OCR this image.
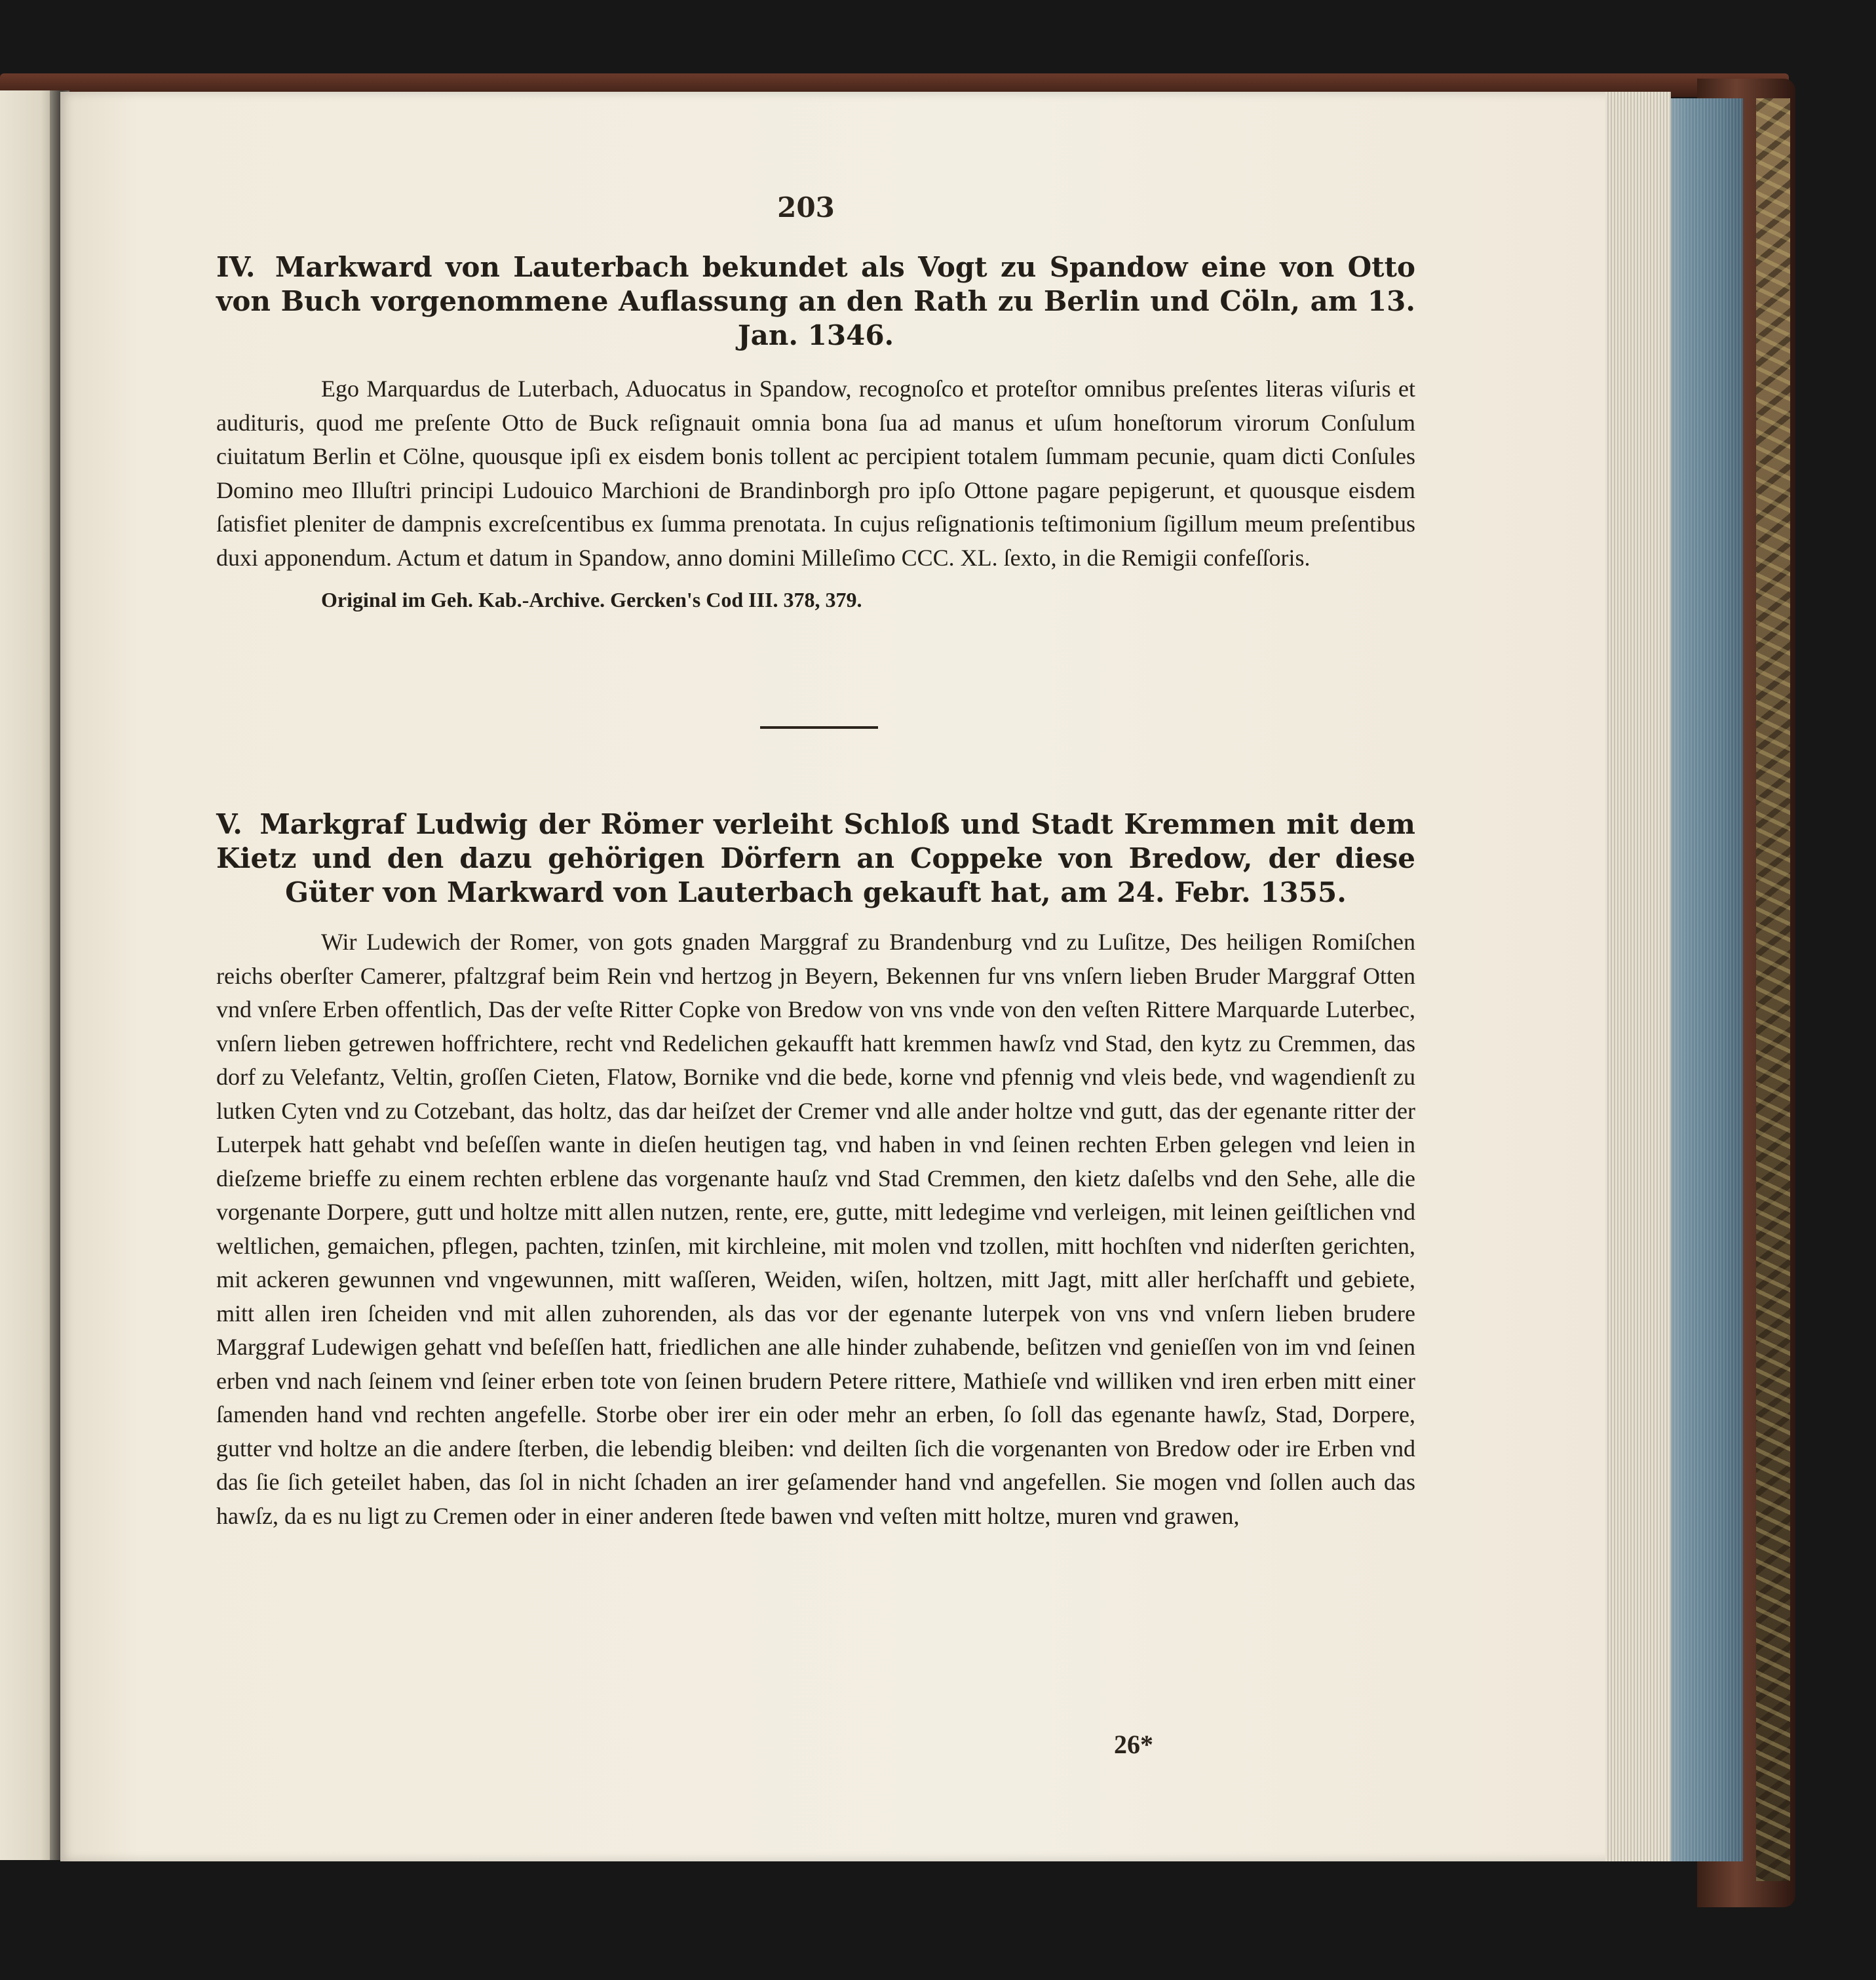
203
IV. Markward von Lauterbach bekundet als Vogt zu Spandow eine von Otto von Buch vorgenommene Auflassung an den Rath zu Berlin und Cöln, am 13. Jan. 1346.

Ego Marquardus de Luterbach, Aduocatus in Spandow, recognoſco et proteſtor omnibus preſentes literas viſuris et audituris, quod me preſente Otto de Buck reſignauit omnia bona ſua ad manus et uſum honeſtorum virorum Conſulum ciuitatum Berlin et Cölne, quousque ipſi ex eisdem bonis tollent ac percipient totalem ſummam pecunie, quam dicti Conſules Domino meo Illuſtri principi Ludouico Marchioni de Brandinborgh pro ipſo Ottone pagare pepigerunt, et quousque eisdem ſatisfiet pleniter de dampnis excreſcentibus ex ſumma prenotata. In cujus reſignationis teſtimonium ſigillum meum preſentibus duxi apponendum. Actum et datum in Spandow, anno domini Milleſimo CCC. XL. ſexto, in die Remigii confeſſoris.

Original im Geh. Kab.-Archive. Gercken's Cod III. 378, 379.
V. Markgraf Ludwig der Römer verleiht Schloß und Stadt Kremmen mit dem Kietz und den dazu gehörigen Dörfern an Coppeke von Bredow, der diese Güter von Markward von Lauterbach gekauft hat, am 24. Febr. 1355.

Wir Ludewich der Romer, von gots gnaden Marggraf zu Brandenburg vnd zu Luſitze, Des heiligen Romiſchen reichs oberſter Camerer, pfaltzgraf beim Rein vnd hertzog jn Beyern, Bekennen fur vns vnſern lieben Bruder Marggraf Otten vnd vnſere Erben offentlich, Das der veſte Ritter Copke von Bredow von vns vnde von den veſten Rittere Marquarde Luterbec, vnſern lieben getrewen hoffrichtere, recht vnd Redelichen gekaufft hatt kremmen hawſz vnd Stad, den kytz zu Cremmen, das dorf zu Velefantz, Veltin, groſſen Cieten, Flatow, Bornike vnd die bede, korne vnd pfennig vnd vleis bede, vnd wagendienſt zu lutken Cyten vnd zu Cotzebant, das holtz, das dar heiſzet der Cremer vnd alle ander holtze vnd gutt, das der egenante ritter der Luterpek hatt gehabt vnd beſeſſen wante in dieſen heutigen tag, vnd haben in vnd ſeinen rechten Erben gelegen vnd leien in dieſzeme brieffe zu einem rechten erblene das vorgenante hauſz vnd Stad Cremmen, den kietz daſelbs vnd den Sehe, alle die vorgenante Dorpere, gutt und holtze mitt allen nutzen, rente, ere, gutte, mitt ledegime vnd verleigen, mit leinen geiſtlichen vnd weltlichen, gemaichen, pflegen, pachten, tzinſen, mit kirchleine, mit molen vnd tzollen, mitt hochſten vnd niderſten gerichten, mit ackeren gewunnen vnd vngewunnen, mitt waſſeren, Weiden, wiſen, holtzen, mitt Jagt, mitt aller herſchafft und gebiete, mitt allen iren ſcheiden vnd mit allen zuhorenden, als das vor der egenante luterpek von vns vnd vnſern lieben brudere Marggraf Ludewigen gehatt vnd beſeſſen hatt, friedlichen ane alle hinder zuhabende, beſitzen vnd genieſſen von im vnd ſeinen erben vnd nach ſeinem vnd ſeiner erben tote von ſeinen brudern Petere rittere, Mathieſe vnd williken vnd iren erben mitt einer ſamenden hand vnd rechten angefelle. Storbe ober irer ein oder mehr an erben, ſo ſoll das egenante hawſz, Stad, Dorpere, gutter vnd holtze an die andere ſterben, die lebendig bleiben: vnd deilten ſich die vorgenanten von Bredow oder ire Erben vnd das ſie ſich geteilet haben, das ſol in nicht ſchaden an irer geſamender hand vnd angefellen. Sie mogen vnd ſollen auch das hawſz, da es nu ligt zu Cremen oder in einer anderen ſtede bawen vnd veſten mitt holtze, muren vnd grawen,

26*
